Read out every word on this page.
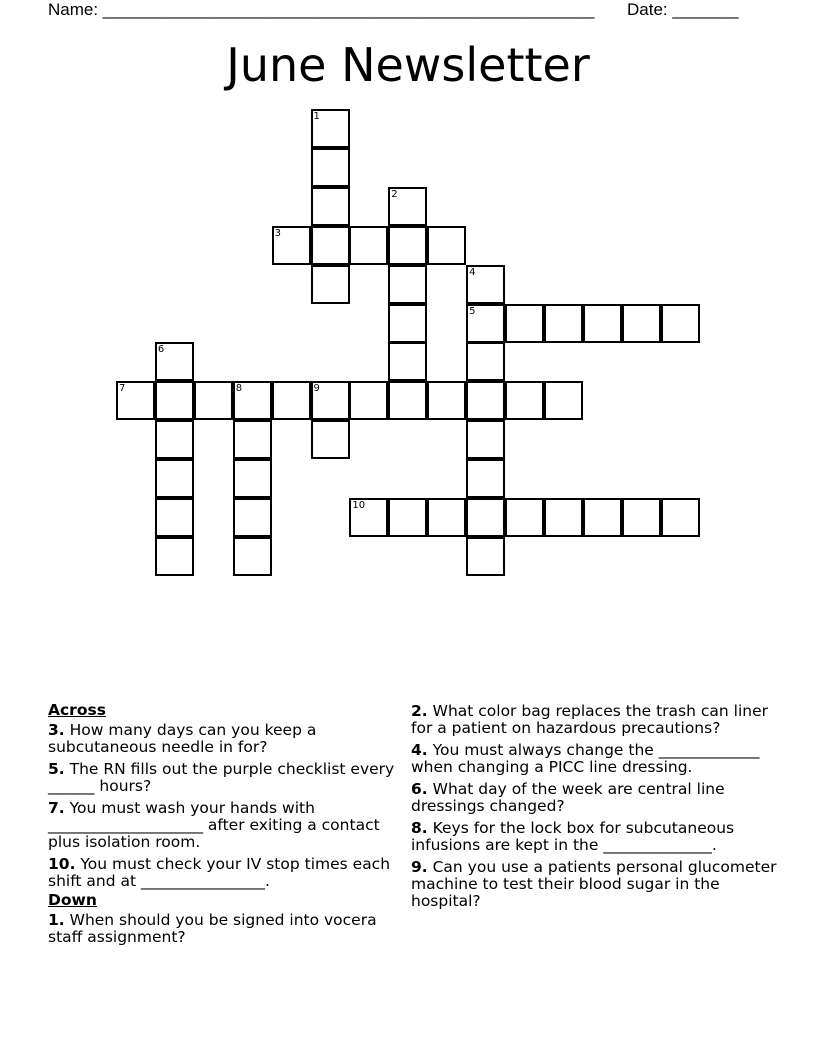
Name: ____________________________________________________ Date: _______
June Newsletter
1
2
3
4
5
6
7	8	9
10
Across
3. How many days can you keep a subcutaneous needle in for?
5. The RN fills out the purple checklist every ______ hours?
7. You must wash your hands with ____________________ after exiting a contact plus isolation room.
10. You must check your IV stop times each shift and at ________________.
Down
1. When should you be signed into vocera staff assignment?
2. What color bag replaces the trash can liner for a patient on hazardous precautions?
4. You must always change the _____________ when changing a PICC line dressing.
6. What day of the week are central line dressings changed?
8. Keys for the lock box for subcutaneous infusions are kept in the ______________.
9. Can you use a patients personal glucometer machine to test their blood sugar in the hospital?
